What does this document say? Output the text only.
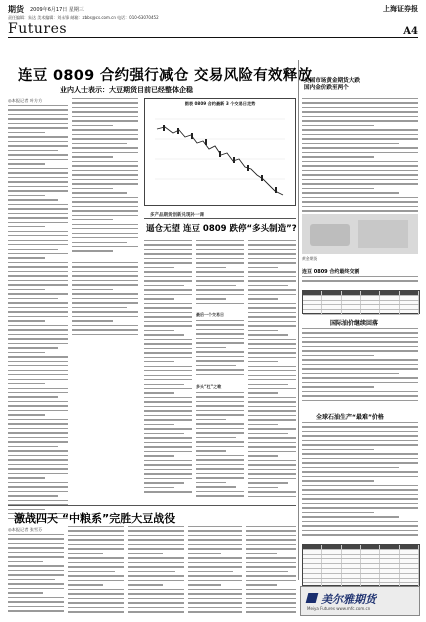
期货 2009年6月17日 星期三	上海证券报
责任编辑：朱达 美术编辑：刘永锋 邮箱：zbbs@cs.com.cn 电话：010-63070452
Futures	A4
连豆 0809 合约强行减仓 交易风险有效释放
业内人士表示：大豆期货目前已经整体企稳
◎本报记者 叶方方
图表 0809 合约最新 3 个交易日走势
多产品期货创新兑现补一课
逼仓无望 连豆 0809 跌停“多头制造”?
最后一个交易日
多头“杠”之歌
美国市场黄金期货大跌
国内金价跌至两个
黄金期货
连豆 0809 合约最终交割
国际油价继续回落
全球石油生产“最难”价格
激战四天 “中粮系”完胜大豆战役
◎本报记者 张雪芬
美尔雅期货
Meiya Futures www.mfc.com.cn
